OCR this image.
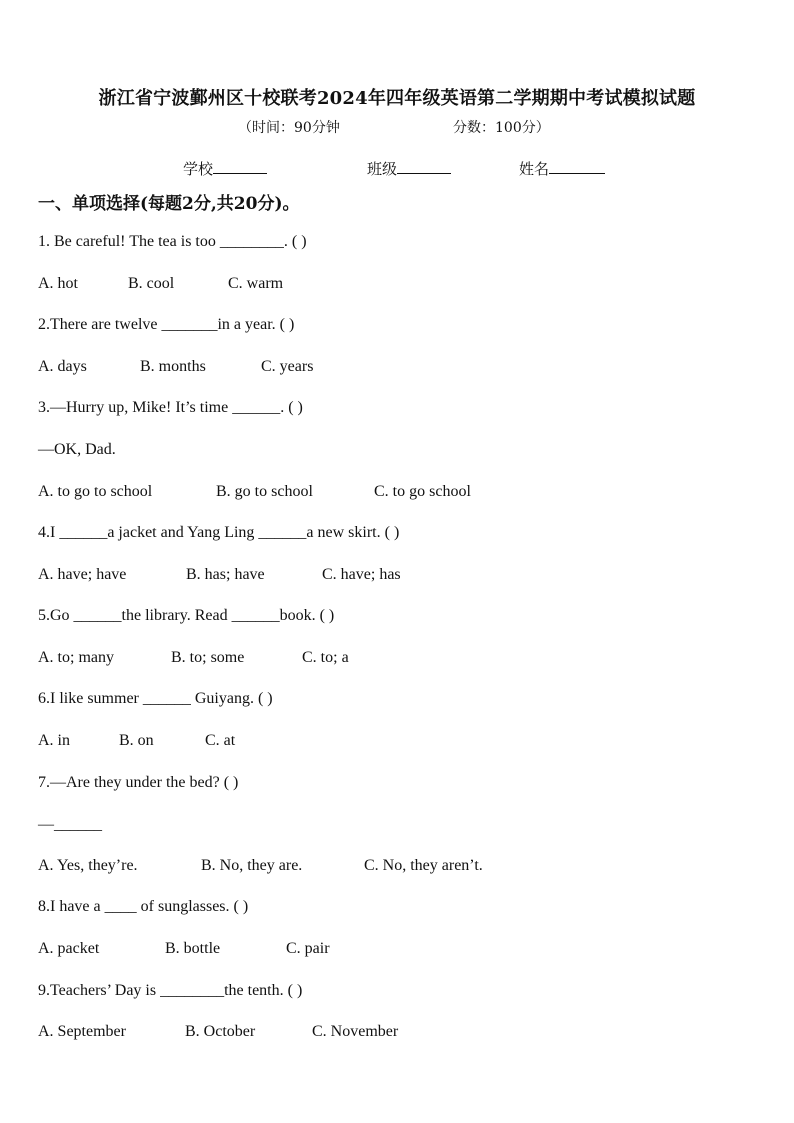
浙江省宁波鄞州区十校联考2024年四年级英语第二学期期中考试模拟试题
（时间：90分钟	分数：100分）
学校	班级	姓名
一、单项选择(每题2分,共20分)。
1. Be careful! The tea is too ________. ( )
A. hot	B. cool	C. warm
2.There are twelve _______in a year. ( )
A. days	B. months	C. years
3.—Hurry up, Mike! It’s time ______. ( )
—OK, Dad.
A. to go to school	B. go to school	C. to go school
4.I ______a jacket and Yang Ling ______a new skirt. ( )
A. have; have	B. has; have	C. have; has
5.Go ______the library. Read ______book. ( )
A. to; many	B. to; some	C. to; a
6.I like summer ______ Guiyang. ( )
A. in	B. on	C. at
7.—Are they under the bed? ( )
—______
A. Yes, they’re.	B. No, they are.	C. No, they aren’t.
8.I have a ____ of sunglasses. ( )
A. packet	B. bottle	C. pair
9.Teachers’ Day is ________the tenth. ( )
A. September	B. October	C. November
